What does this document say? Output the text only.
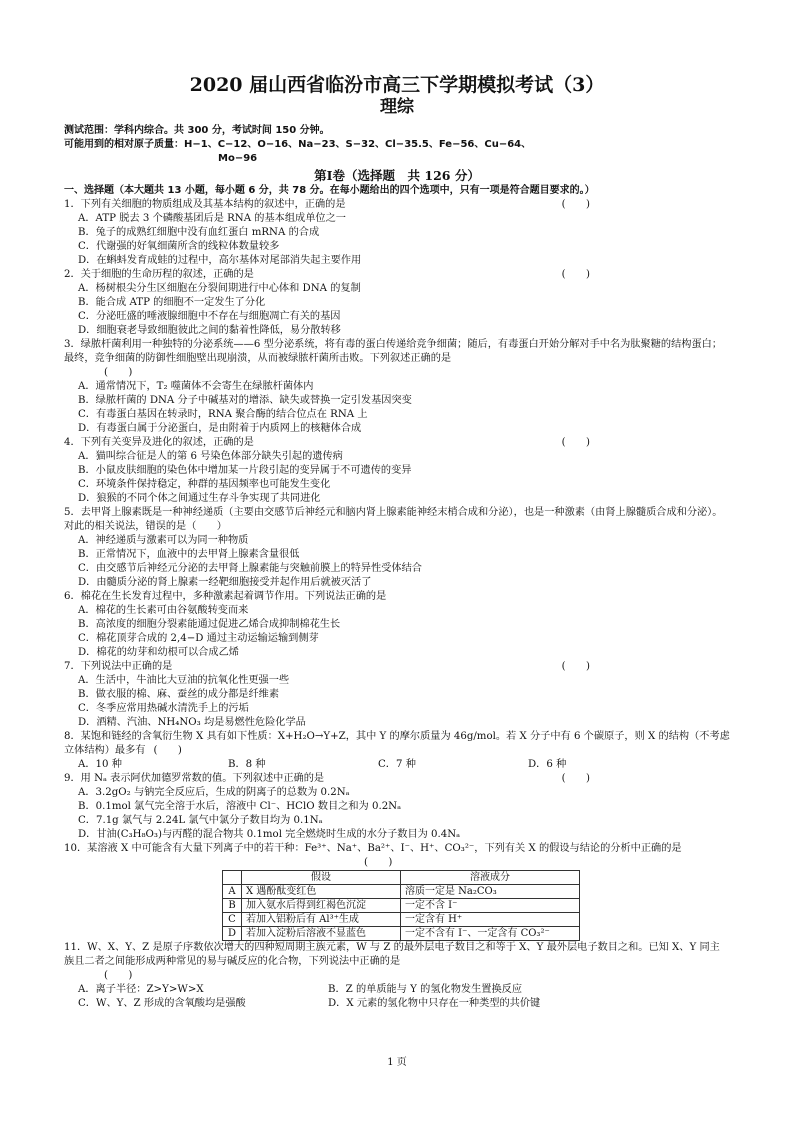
2020 届山西省临汾市高三下学期模拟考试（3）

理综

测试范围：学科内综合。共 300 分，考试时间 150 分钟。

可能用到的相对原子质量：H−1、C−12、O−16、Na−23、S−32、Cl−35.5、Fe−56、Cu−64、

Mo−96

第Ⅰ卷（选择题　共 126 分）

一、选择题（本大题共 13 小题，每小题 6 分，共 78 分。在每小题给出的四个选项中，只有一项是符合题目要求的。）

1．下列有关细胞的物质组成及其基本结构的叙述中，正确的是	(　　)
A．ATP 脱去 3 个磷酸基团后是 RNA 的基本组成单位之一
B．兔子的成熟红细胞中没有血红蛋白 mRNA 的合成
C．代谢强的好氧细菌所含的线粒体数量较多
D．在蝌蚪发育成蛙的过程中，高尔基体对尾部消失起主要作用
2．关于细胞的生命历程的叙述，正确的是	(　　)
A．杨树根尖分生区细胞在分裂间期进行中心体和 DNA 的复制
B．能合成 ATP 的细胞不一定发生了分化
C．分泌旺盛的唾液腺细胞中不存在与细胞凋亡有关的基因
D．细胞衰老导致细胞彼此之间的黏着性降低，易分散转移
3．绿脓杆菌利用一种独特的分泌系统——6 型分泌系统，将有毒的蛋白传递给竞争细菌；随后，有毒蛋白开始分解对手中名为肽聚糖的结构蛋白；最终，竞争细菌的防御性细胞壁出现崩溃，从而被绿脓杆菌所击败。下列叙述正确的是
(　　)
A．通常情况下，T₂ 噬菌体不会寄生在绿脓杆菌体内
B．绿脓杆菌的 DNA 分子中碱基对的增添、缺失或替换一定引发基因突变
C．有毒蛋白基因在转录时，RNA 聚合酶的结合位点在 RNA 上
D．有毒蛋白属于分泌蛋白，是由附着于内质网上的核糖体合成
4．下列有关变异及进化的叙述，正确的是	(　　)
A．猫叫综合征是人的第 6 号染色体部分缺失引起的遗传病
B．小鼠皮肤细胞的染色体中增加某一片段引起的变异属于不可遗传的变异
C．环境条件保持稳定，种群的基因频率也可能发生变化
D．狼猴的不同个体之间通过生存斗争实现了共同进化
5．去甲肾上腺素既是一种神经递质（主要由交感节后神经元和脑内肾上腺素能神经末梢合成和分泌），也是一种激素（由肾上腺髓质合成和分泌）。对此的相关说法，错误的是（　　）
A．神经递质与激素可以为同一种物质
B．正常情况下，血液中的去甲肾上腺素含量很低
C．由交感节后神经元分泌的去甲肾上腺素能与突触前膜上的特异性受体结合
D．由髓质分泌的肾上腺素一经靶细胞接受并起作用后就被灭活了
6．棉花在生长发育过程中，多种激素起着调节作用。下列说法正确的是
A．棉花的生长素可由谷氨酸转变而来
B．高浓度的细胞分裂素能通过促进乙烯合成抑制棉花生长
C．棉花顶芽合成的 2,4−D 通过主动运输运输到侧芽
D．棉花的幼芽和幼根可以合成乙烯
7．下列说法中正确的是	(　　)
A．生活中，牛油比大豆油的抗氧化性更强一些
B．做衣服的棉、麻、蚕丝的成分都是纤维素
C．冬季应常用热碱水清洗手上的污垢
D．酒精、汽油、NH₄NO₃ 均是易燃性危险化学品
8．某饱和链经的含氧衍生物 X 具有如下性质：X+H₂O→Y+Z，其中 Y 的摩尔质量为 46g/mol。若 X 分子中有 6 个碳原子，则 X 的结构（不考虑立体结构）最多有 (　　)
A．10 种	B．8 种	C．7 种	D．6 种
9．用 Nₐ 表示阿伏加德罗常数的值。下列叙述中正确的是	(　　)
A．3.2gO₂ 与钠完全反应后，生成的阴离子的总数为 0.2Nₐ
B．0.1mol 氯气完全溶于水后，溶液中 Cl⁻、HClO 数目之和为 0.2Nₐ
C．7.1g 氯气与 2.24L 氯气中氯分子数目均为 0.1Nₐ
D．甘油(C₃H₈O₃)与丙醛的混合物共 0.1mol 完全燃烧时生成的水分子数目为 0.4Nₐ
10．某溶液 X 中可能含有大量下列离子中的若干种：Fe³⁺、Na⁺、Ba²⁺、I⁻、H⁺、CO₃²⁻，下列有关 X 的假设与结论的分析中正确的是
(　　)
	假设	溶液成分
A	X 遇酚酞变红色	溶质一定是 Na₂CO₃
B	加入氨水后得到红褐色沉淀	一定不含 I⁻
C	若加入铝粉后有 Al³⁺生成	一定含有 H⁺
D	若加入淀粉后溶液不显蓝色	一定不含有 I⁻、一定含有 CO₃²⁻
11．W、X、Y、Z 是原子序数依次增大的四种短周期主族元素，W 与 Z 的最外层电子数目之和等于 X、Y 最外层电子数目之和。已知 X、Y 同主族且二者之间能形成两种常见的易与碱反应的化合物，下列说法中正确的是
(　　)
A．离子半径：Z>Y>W>X	B．Z 的单质能与 Y 的氢化物发生置换反应
C．W、Y、Z 形成的含氧酸均是强酸	D．X 元素的氢化物中只存在一种类型的共价键
1 页
